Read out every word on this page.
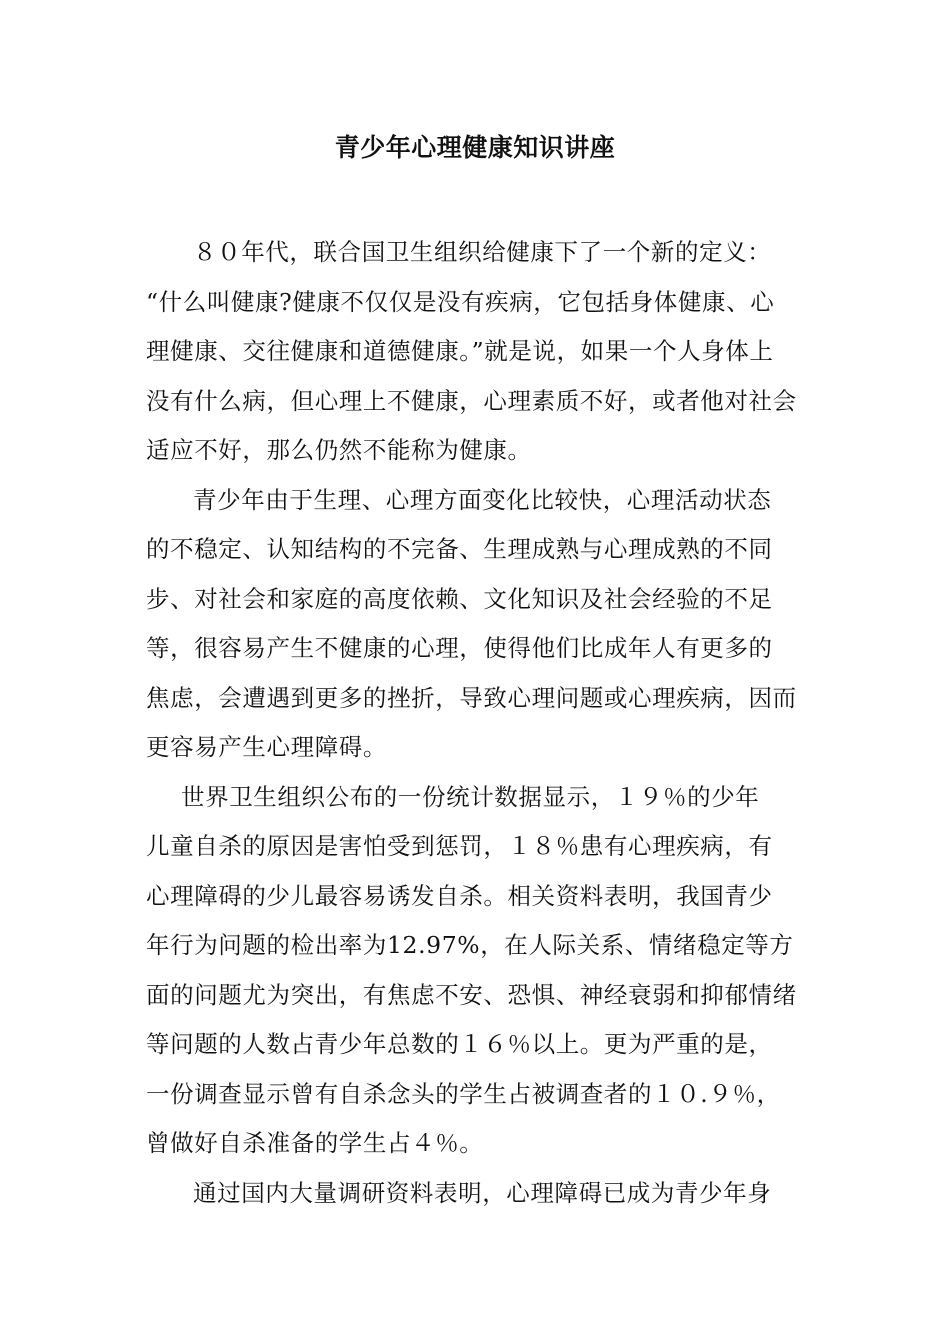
青少年心理健康知识讲座
８０年代，联合国卫生组织给健康下了一个新的定义：
“什么叫健康?健康不仅仅是没有疾病，它包括身体健康、心
理健康、交往健康和道德健康。”就是说，如果一个人身体上
没有什么病，但心理上不健康，心理素质不好，或者他对社会
适应不好，那么仍然不能称为健康。
青少年由于生理、心理方面变化比较快，心理活动状态
的不稳定、认知结构的不完备、生理成熟与心理成熟的不同
步、对社会和家庭的高度依赖、文化知识及社会经验的不足
等，很容易产生不健康的心理，使得他们比成年人有更多的
焦虑，会遭遇到更多的挫折，导致心理问题或心理疾病，因而
更容易产生心理障碍。
世界卫生组织公布的一份统计数据显示，１９％的少年
儿童自杀的原因是害怕受到惩罚，１８％患有心理疾病，有
心理障碍的少儿最容易诱发自杀。相关资料表明，我国青少
年行为问题的检出率为12.97%，在人际关系、情绪稳定等方
面的问题尤为突出，有焦虑不安、恐惧、神经衰弱和抑郁情绪
等问题的人数占青少年总数的１６％以上。更为严重的是，
一份调查显示曾有自杀念头的学生占被调查者的１０.９％，
曾做好自杀准备的学生占４％。
通过国内大量调研资料表明，心理障碍已成为青少年身
